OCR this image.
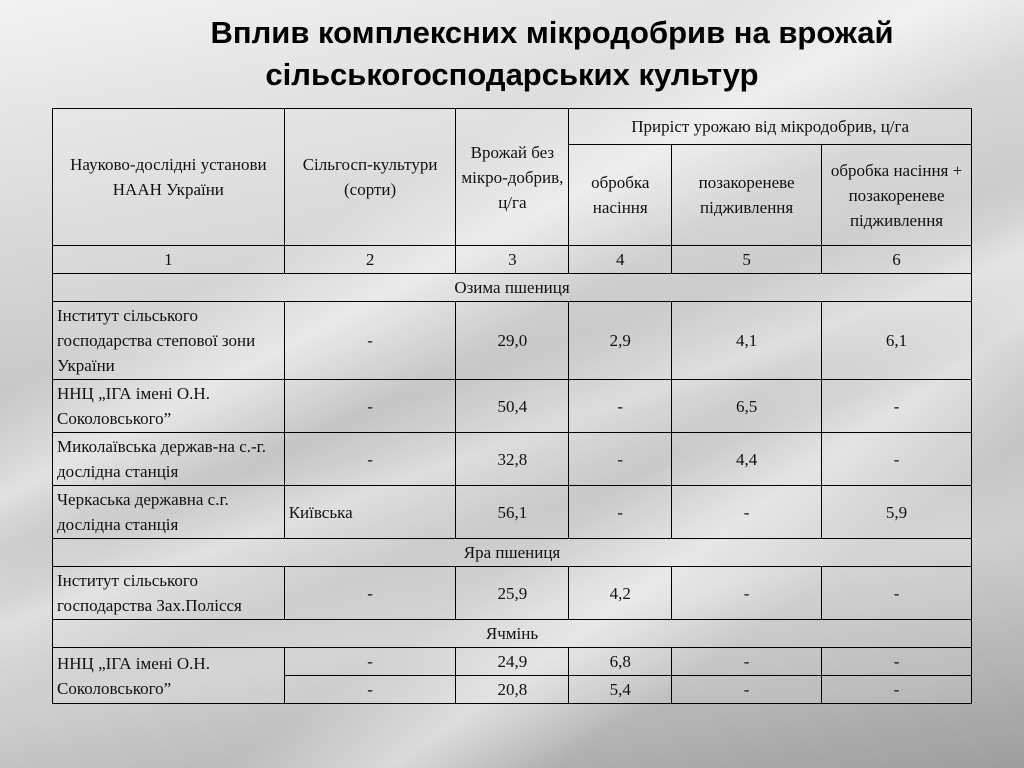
Вплив комплексних мікродобрив на врожай
сільськогосподарських культур
Науково-дослідні установи НААН України	Сільгосп-культури (сорти)	Врожай без мікро-добрив, ц/га	Приріст урожаю від мікродобрив, ц/га		
			обробка насіння	позакореневе підживлення	обробка насіння + позакореневе підживлення
1	2	3	4	5	6
Озима пшениця					
Інститут сільського господарства степової зони України	-	29,0	2,9	4,1	6,1
ННЦ „ІГА імені О.Н. Соколовського”	-	50,4	-	6,5	-
Миколаївська держав-на с.-г. дослідна станція	-	32,8	-	4,4	-
Черкаська державна с.г. дослідна станція	Київська	56,1	-	-	5,9
Яра пшениця					
Інститут сільського господарства Зах.Полісся	-	25,9	4,2	-	-
Ячмінь					
ННЦ „ІГА імені О.Н. Соколовського”	-	24,9	6,8	-	-
	-	20,8	5,4	-	-
